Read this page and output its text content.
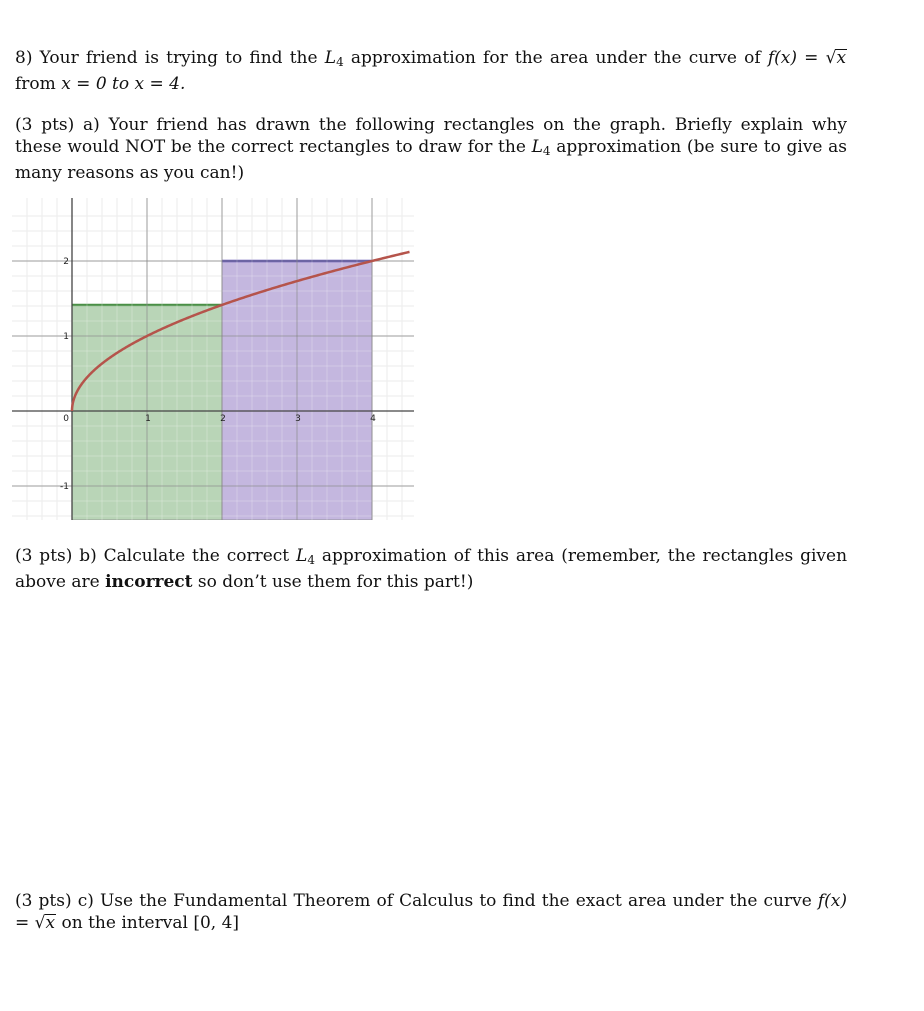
8) Your friend is trying to find the $L_4$ approximation for the area under the curve of f(x) = √x from x = 0 to x = 4.
(3 pts) a) Your friend has drawn the following rectangles on the graph. Briefly explain why these would NOT be the correct rectangles to draw for the $L_4$ approximation (be sure to give as many reasons as you can!)
0	1	2	3	4
2
1
-1
(3 pts) b) Calculate the correct $L_4$ approximation of this area (remember, the rectangles given above are incorrect so don’t use them for this part!)
(3 pts) c) Use the Fundamental Theorem of Calculus to find the exact area under the curve f(x) = √x on the interval [0, 4]
